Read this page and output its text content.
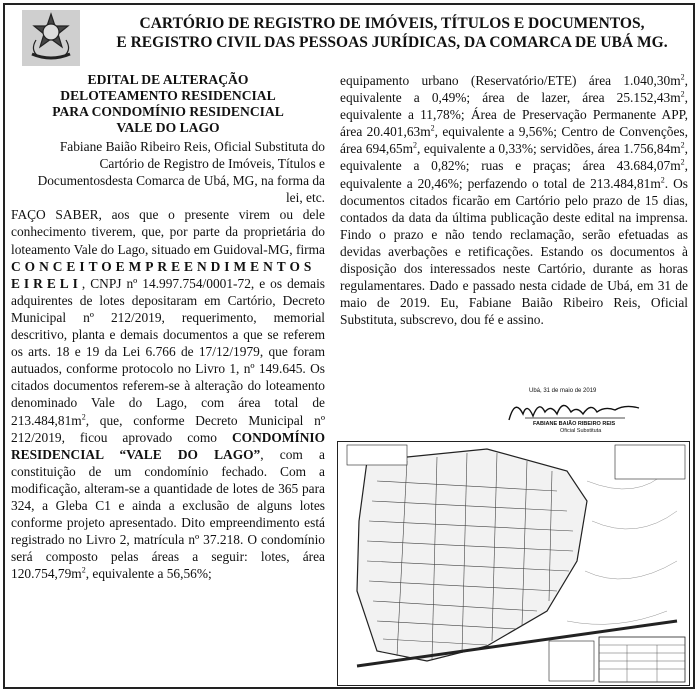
CARTÓRIO DE REGISTRO DE IMÓVEIS, TÍTULOS E DOCUMENTOS,
E REGISTRO CIVIL DAS PESSOAS JURÍDICAS, DA COMARCA DE UBÁ MG.
EDITAL DE ALTERAÇÃO
DELOTEAMENTO RESIDENCIAL
PARA CONDOMÍNIO RESIDENCIAL
VALE DO LAGO

Fabiane Baião Ribeiro Reis, Oficial Substituta do Cartório de Registro de Imóveis, Títulos e Documentosdesta Comarca de Ubá, MG, na forma da lei, etc.

FAÇO SABER, aos que o presente virem ou dele conhecimento tiverem, que, por parte da proprietária do loteamento Vale do Lago, situado em Guidoval-MG, firma CONCEITOEMPREENDIMENTOS EIRELI, CNPJ nº 14.997.754/0001-72, e os demais adquirentes de lotes depositaram em Cartório, Decreto Municipal nº 212/2019, requerimento, memorial descritivo, planta e demais documentos a que se referem os arts. 18 e 19 da Lei 6.766 de 17/12/1979, que foram autuados, conforme protocolo no Livro 1, nº 149.645. Os citados documentos referem-se à alteração do loteamento denominado Vale do Lago, com área total de $213.484,81m^2$, que, conforme Decreto Municipal nº 212/2019, ficou aprovado como CONDOMÍNIO RESIDENCIAL “VALE DO LAGO”, com a constituição de um condomínio fechado. Com a modificação, alteram-se a quantidade de lotes de 365 para 324, a Gleba C1 e ainda a exclusão de alguns lotes conforme projeto apresentado. Dito empreendimento está registrado no Livro 2, matrícula nº 37.218. O condomínio será composto pelas áreas a seguir: lotes, área $120.754,79m^2$, equivalente a 56,56%;

equipamento urbano (Reservatório/ETE) área $1.040,30m^2$, equivalente a 0,49%; área de lazer, área $25.152,43m^2$, equivalente a 11,78%; Área de Preservação Permanente APP, área $20.401,63m^2$, equivalente a 9,56%; Centro de Convenções, área $694,65m^2$, equivalente a 0,33%; servidões, área $1.756,84m^2$, equivalente a 0,82%; ruas e praças; área $43.684,07m^2$, equivalente a 20,46%; perfazendo o total de $213.484,81m^2$. Os documentos citados ficarão em Cartório pelo prazo de 15 dias, contados da data da última publicação deste edital na imprensa. Findo o prazo e não tendo reclamação, serão efetuadas as devidas averbações e retificações. Estando os documentos à disposição dos interessados neste Cartório, durante as horas regulamentares. Dado e passado nesta cidade de Ubá, em 31 de maio de 2019. Eu, Fabiane Baião Ribeiro Reis, Oficial Substituta, subscrevo, dou fé e assino.

Ubá, 31 de maio de 2019
FABIANE BAIÃO RIBEIRO REIS
Oficial Substituta
